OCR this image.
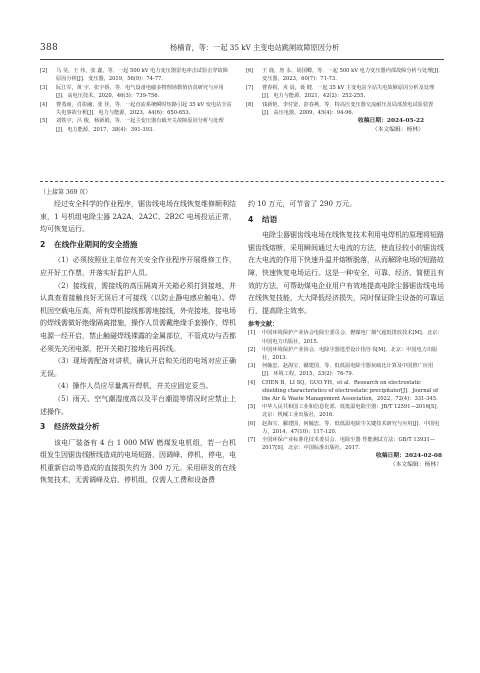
388	杨楠青，等：一起 35 kV 主变电站跳闸故障原因分析
[2]	马 昊，王 伟，张 鑫，等．一起 500 kV 电力变压器雷电冲击试验击穿故障原因分析[J]．变压器，2019，56(9)：74-77.
[3]	阮江军，黄 宇，张宇娇，等．电气设备电磁多物理场数值仿真研究与应用[J]．高电压技术，2020，46(3)：739-756.
[4]	曹蒸南，肖影融，张 佳，等．一起直流系统瞬时短路引起 35 kV 变电站全站失电事故分析[J]．电力与能源，2023，44(6)：650-653.
[5]	刘铁宇，呂 俊，杨新娟，等．一起主变压器有载开关故障原因分析与处理[J]．电力能源，2017，38(4)：391-393.
[6]	王 鹿，詹 永，胡国卿，等．一起 500 kV 电力变压器内部故障分析与处理[J]．变压器，2023，60(7)：71-73.
[7]	曹春相，戎 晨，聂 健．一起 35 kV 主变电站全站失电故障原因分析及处理[J]．电力与能源，2021，42(2)：252-255.
[8]	钱新艳，李付宽，彭春燕，等．特高压变压器交流耐压及局部放电试验装置[J]．高压电器，2009，45(4)：94-96.
收稿日期：2024-05-22
（本文编辑：杨林）
（上接第 369 页）

经过安全科学的作业程序，锯齿线电场在线恢复维修顺利结束，1 号机组电除尘器 2A2A、2A2C、2B2C 电场投运正常，均可恢复运行。

2 在线作业期间的安全措施

（1）必须按照业主单位有关安全作业程序开展维修工作，应开好工作票，并落实好监护人员。

（2）接线前，需接线的高压隔离开关箱必须打到接地，并认真查看接触良好无误后才可接线（以防止静电感应触电）。焊机因空载电压高，所有焊机接线都需地接线，外壳接地，接电场的焊线需做好绝缘隔离措施，操作人员需戴绝缘手套操作，焊机电源一经开启，禁止触碰焊线裸露的金属部位，不管成功与否都必须先关闭电源，把开关箱打接地后再拆线。

（3）现场需配备对讲机，确认开启和关闭的电场对应正确无误。

（4）操作人员应尽量离开焊机，并关应固定妥当。

（5）雨天、空气潮湿度高以及平台潮湿等情况时应禁止上述操作。

3 经济效益分析

该电厂装备有 4 台 1 000 MW 燃煤发电机组，若一台机组发生因锯齿线断线造成的电场短路，因调峰、停机、停电，电机重新启动等造成的直接损失约为 300 万元。采用研发的在线恢复技术，无需调峰及启、停机组，仅需人工费和设备费

约 10 万元，可节省了 290 万元。

4 结语

电除尘器锯齿线电场在线恢复技术利用电焊机的原理将短路锯齿线熔断，采用瞬间通过大电流的方法，使直径较小的锯齿线在大电流的作用下快速升温并熔断脱落，从而解除电场的短路故障，快速恢复电场运行。这是一种安全、可靠、经济、简便且有效的方法，可帮助煤电企业用户有效地提高电除尘器锯齿线电场在线恢复技能，大大降低经济损失，同时保证除尘设备的可靠运行，提高除尘效率。

参考文献：
[1]	中国环境保护产业协会电除尘委员会．燃煤电厂烟气超低排放技术[M]．北京：中国电力出版社，2015.
[2]	中国环境保护产业协会．电除尘器选型设计指导书[M]．北京：中国电力出版社，2013.
[3]	何毓忠，赵海宝，郦建国，等．低低温电除尘器灰硫比计算及中国推广应用[J]．环境工程，2015，33(2)：76-79.
[4]	CHEN B，LI SQ，GUO YH，et al．Research on electrostatic shielding characteristics of electrostatic precipitator[J]．Journal of the Air & Waste Management Association，2022，72(4)：331-345.
[5]	中华人民共和国工业和信息化部．低低温电除尘器：JB/T 12591—2016[S]．北京：机械工业出版社，2016.
[6]	赵海宝，郦建国，何毓忠，等．低低温电除尘关键技术研究与应用[J]．中国电力，2014，47(10)：117-120.
[7]	全国环保产业标准化技术委员会．电除尘器 性能测试方法：GB/T 13931—2017[S]．北京：中国标准出版社，2017.
收稿日期：2024-02-08
（本文编辑：杨林）
